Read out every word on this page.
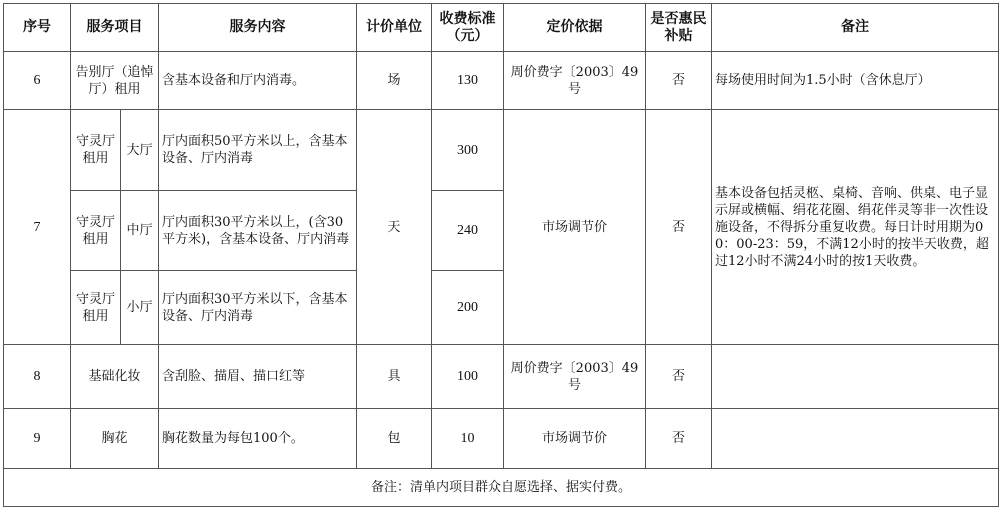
序号	服务项目		服务内容	计价单位	收费标准（元）	定价依据	是否惠民补贴	备注
6	告别厅（追悼厅）租用		含基本设备和厅内消毒。	场	130	周价费字〔2003〕49号	否	每场使用时间为1.5小时（含休息厅）
7	守灵厅租用	大厅	厅内面积50平方米以上，含基本设备、厅内消毒	天	300	市场调节价	否	基本设备包括灵柩、桌椅、音响、供桌、电子显示屏或横幅、绢花花圈、绢花伴灵等非一次性设施设备，不得拆分重复收费。每日计时用期为00：00-23：59，不满12小时的按半天收费，超过12小时不满24小时的按1天收费。
	守灵厅租用	中厅	厅内面积30平方米以上，(含30平方米)，含基本设备、厅内消毒		240			
	守灵厅租用	小厅	厅内面积30平方米以下，含基本设备、厅内消毒		200			
8	基础化妆		含刮脸、描眉、描口红等	具	100	周价费字〔2003〕49号	否	
9	胸花		胸花数量为每包100个。	包	10	市场调节价	否	
备注：清单内项目群众自愿选择、据实付费。								
